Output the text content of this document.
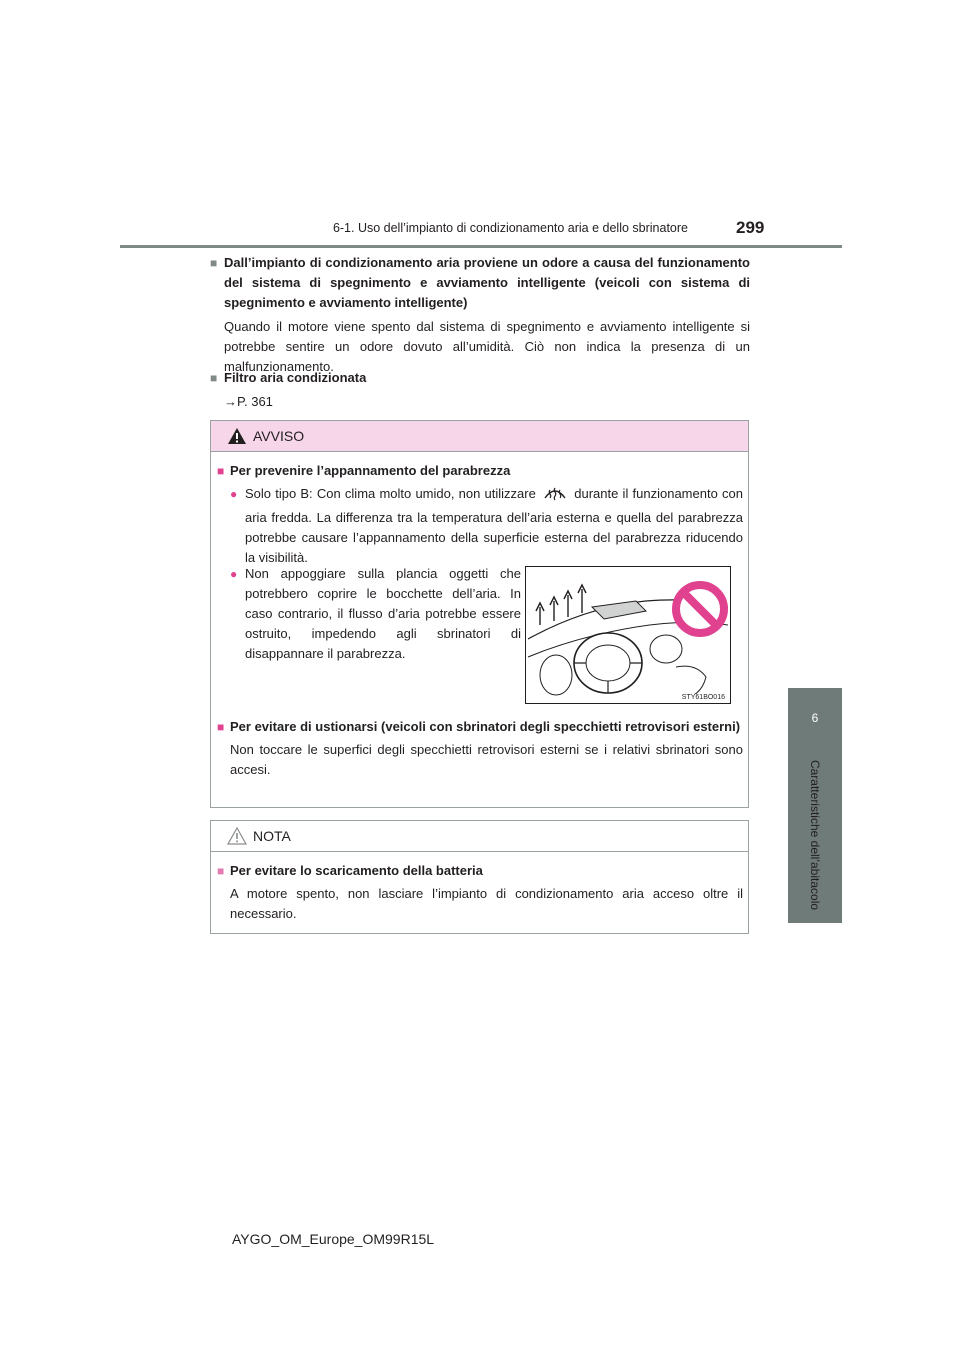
6-1. Uso dell’impianto di condizionamento aria e dello sbrinatore	299
6
Caratteristiche dell’abitacolo
■ Dall’impianto di condizionamento aria proviene un odore a causa del funzionamento del sistema di spegnimento e avviamento intelligente (veicoli con sistema di spegnimento e avviamento intelligente)
Quando il motore viene spento dal sistema di spegnimento e avviamento intelligente si potrebbe sentire un odore dovuto all’umidità. Ciò non indica la presenza di un malfunzionamento.
■ Filtro aria condizionata
→P. 361
AVVISO
■ Per prevenire l’appannamento del parabrezza
● Solo tipo B: Con clima molto umido, non utilizzare	durante il funzionamento con aria fredda. La differenza tra la temperatura dell’aria esterna e quella del parabrezza potrebbe causare l’appannamento della superficie esterna del parabrezza riducendo la visibilità.
● Non appoggiare sulla plancia oggetti che potrebbero coprire le bocchette dell’aria. In caso contrario, il flusso d’aria potrebbe essere ostruito, impedendo agli sbrinatori di disappannare il parabrezza.
■ Per evitare di ustionarsi (veicoli con sbrinatori degli specchietti retrovisori esterni)
Non toccare le superfici degli specchietti retrovisori esterni se i relativi sbrinatori sono accesi.
STY61BO016
NOTA
■ Per evitare lo scaricamento della batteria
A motore spento, non lasciare l’impianto di condizionamento aria acceso oltre il necessario.
AYGO_OM_Europe_OM99R15L
